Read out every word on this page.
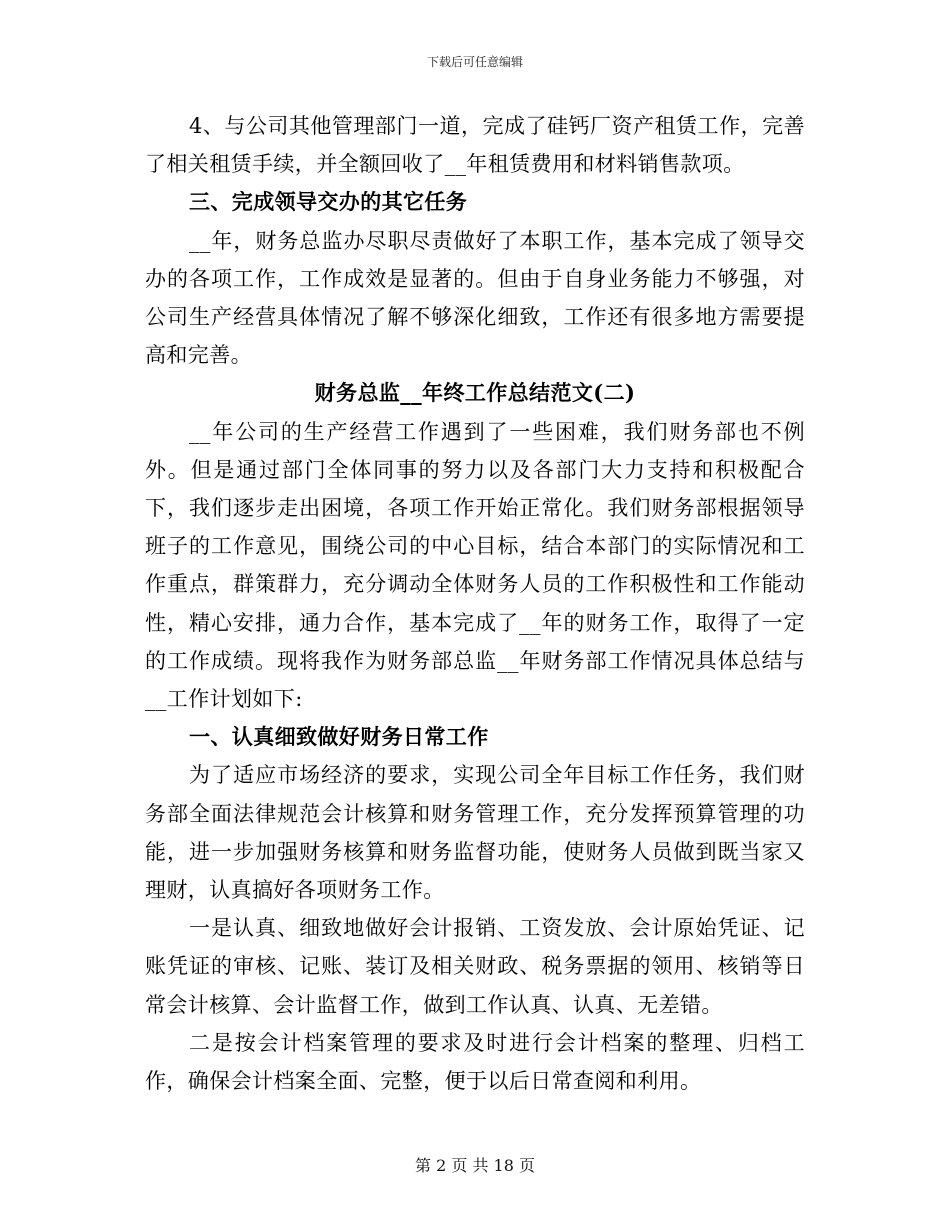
下载后可任意编辑

4、与公司其他管理部门一道，完成了硅钙厂资产租赁工作，完善了相关租赁手续，并全额回收了__年租赁费用和材料销售款项。

三、完成领导交办的其它任务

__年，财务总监办尽职尽责做好了本职工作，基本完成了领导交办的各项工作，工作成效是显著的。但由于自身业务能力不够强，对公司生产经营具体情况了解不够深化细致，工作还有很多地方需要提高和完善。

财务总监__年终工作总结范文(二)

__年公司的生产经营工作遇到了一些困难，我们财务部也不例外。但是通过部门全体同事的努力以及各部门大力支持和积极配合下，我们逐步走出困境，各项工作开始正常化。我们财务部根据领导班子的工作意见，围绕公司的中心目标，结合本部门的实际情况和工作重点，群策群力，充分调动全体财务人员的工作积极性和工作能动性，精心安排，通力合作，基本完成了__年的财务工作，取得了一定的工作成绩。现将我作为财务部总监__年财务部工作情况具体总结与__工作计划如下:

一、认真细致做好财务日常工作

为了适应市场经济的要求，实现公司全年目标工作任务，我们财务部全面法律规范会计核算和财务管理工作，充分发挥预算管理的功能，进一步加强财务核算和财务监督功能，使财务人员做到既当家又理财，认真搞好各项财务工作。

一是认真、细致地做好会计报销、工资发放、会计原始凭证、记账凭证的审核、记账、装订及相关财政、税务票据的领用、核销等日常会计核算、会计监督工作，做到工作认真、认真、无差错。

二是按会计档案管理的要求及时进行会计档案的整理、归档工作，确保会计档案全面、完整，便于以后日常查阅和利用。

第 2 页 共 18 页
